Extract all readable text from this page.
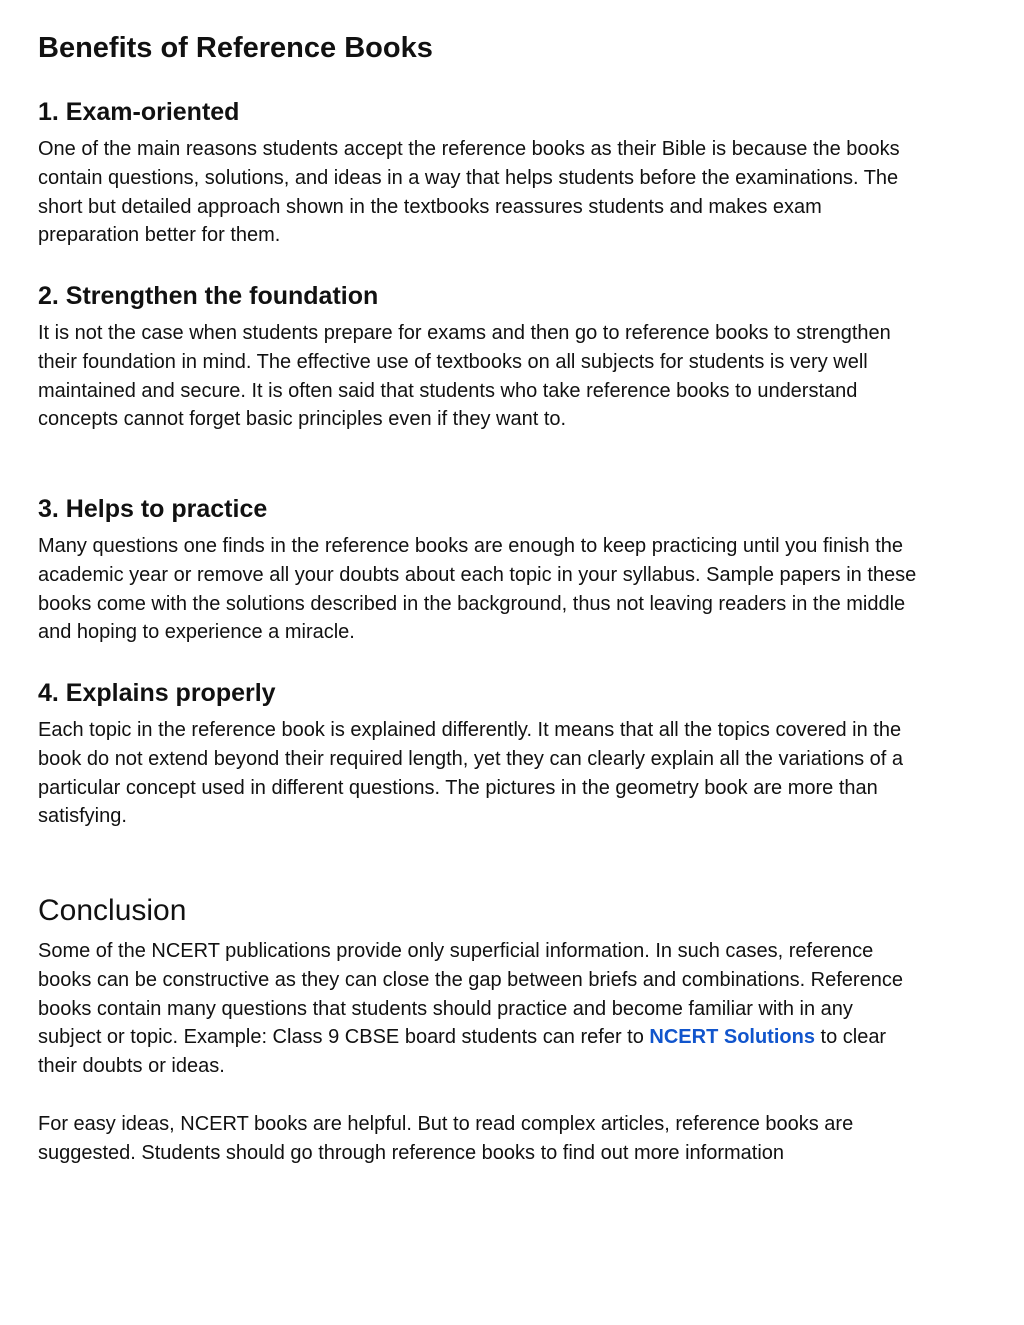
Benefits of Reference Books
1. Exam-oriented

One of the main reasons students accept the reference books as their Bible is because the books contain questions, solutions, and ideas in a way that helps students before the examinations. The short but detailed approach shown in the textbooks reassures students and makes exam preparation better for them.

2. Strengthen the foundation

It is not the case when students prepare for exams and then go to reference books to strengthen their foundation in mind. The effective use of textbooks on all subjects for students is very well maintained and secure. It is often said that students who take reference books to understand concepts cannot forget basic principles even if they want to.

3. Helps to practice

Many questions one finds in the reference books are enough to keep practicing until you finish the academic year or remove all your doubts about each topic in your syllabus. Sample papers in these books come with the solutions described in the background, thus not leaving readers in the middle and hoping to experience a miracle.

4. Explains properly

Each topic in the reference book is explained differently. It means that all the topics covered in the book do not extend beyond their required length, yet they can clearly explain all the variations of a particular concept used in different questions. The pictures in the geometry book are more than satisfying.

Conclusion

Some of the NCERT publications provide only superficial information. In such cases, reference books can be constructive as they can close the gap between briefs and combinations. Reference books contain many questions that students should practice and become familiar with in any subject or topic. Example: Class 9 CBSE board students can refer to NCERT Solutions to clear their doubts or ideas.

For easy ideas, NCERT books are helpful. But to read complex articles, reference books are suggested. Students should go through reference books to find out more information
